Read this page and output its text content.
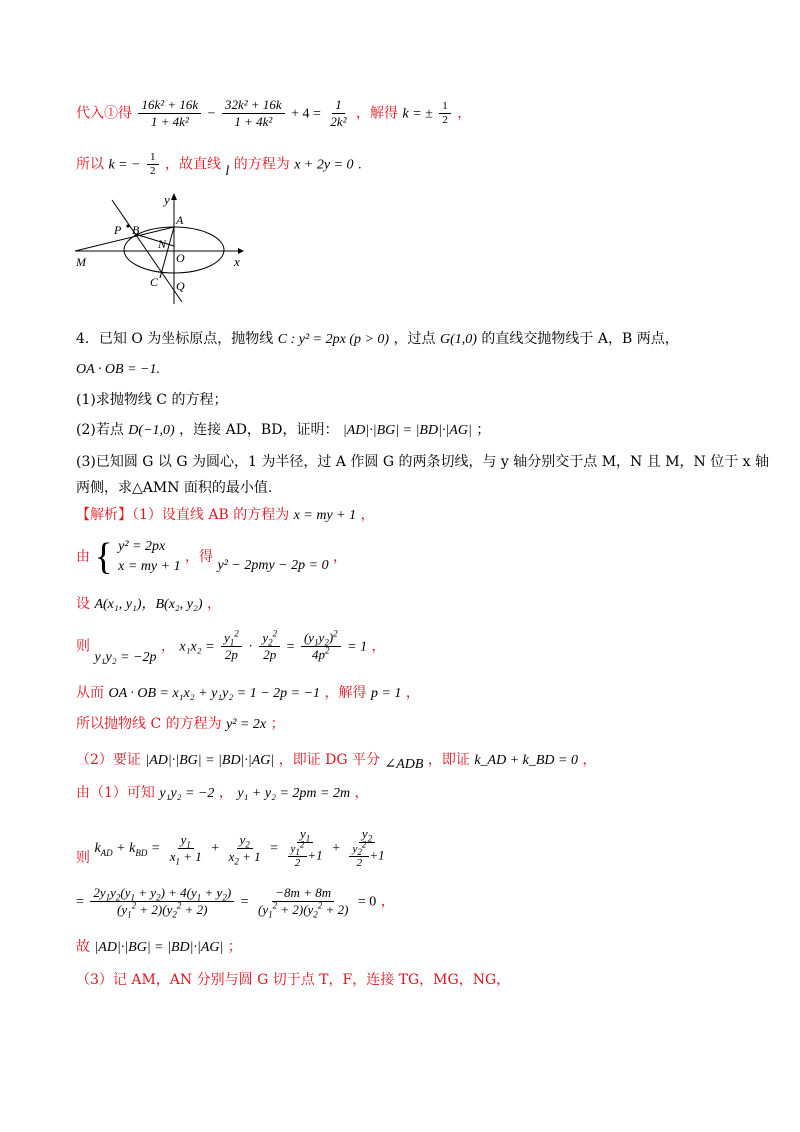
代入①得 $\frac{\text{16k² + 16k}}{\text{1 + 4k²}} - \frac{\text{32k² + 16k}}{\text{1 + 4k²}} + 4 = \frac{1}{\text{2k²}}$ ，解得 k = ± $\frac{1}{2}$ ，
所以 k = − $\frac{1}{2}$ ，故直线 l 的方程为 x + 2y = 0 .
y
x
A
P B
N
O
M
C Q
4．已知 O 为坐标原点，抛物线 C : y² = 2px (p > 0) ，过点 G(1,0) 的直线交抛物线于 A，B 两点，
OA · OB = −1.
(1)求抛物线 C 的方程；
(2)若点 D(−1,0) ，连接 AD，BD，证明： |AD|·|BG| = |BD|·|AG| ；
(3)已知圆 G 以 G 为圆心，1 为半径，过 A 作圆 G 的两条切线，与 y 轴分别交于点 M，N 且 M，N 位于 x 轴
两侧，求△AMN 面积的最小值.
【解析】（1）设直线 AB 的方程为 x = my + 1 ，
由 { y² = 2px
x = my + 1
，得 y² − 2pmy − 2p = 0 ，
设 A(x₁, y₁)，B(x₂, y₂) ，
则 y₁y₂ = −2p ， $x_1x_2 = \frac{y_1^2}{2p} \cdot \frac{y_2^2}{2p} = \frac{(y_1y_2)^2}{4p^2} = 1$ ，
从而 OA · OB = x₁x₂ + y₁y₂ = 1 − 2p = −1 ，解得 p = 1 ，
所以抛物线 C 的方程为 y² = 2x ；
（2）要证 |AD|·|BG| = |BD|·|AG| ，即证 DG 平分 ∠ADB ，即证 k_AD + k_BD = 0 ，
由（1）可知 y₁y₂ = −2 ， y₁ + y₂ = 2pm = 2m ，
则 $k_{AD} + k_{BD} = \frac{y_1}{x_1 + 1} + \frac{y_2}{x_2 + 1} = \frac{y_1}{\frac{y_1^2}{2} +1} + \frac{y_2}{\frac{y_2^2}{2} +1}$
= $\frac{2y_1y_2(y_1 + y_2) + 4(y_1 + y_2)}{(y_1^2 + 2)(y_2^2 + 2)} = \frac{-8m + 8m}{(y_1^2 + 2)(y_2^2 + 2)} = 0$ ，
故 |AD|·|BG| = |BD|·|AG| ；
（3）记 AM，AN 分别与圆 G 切于点 T，F，连接 TG，MG，NG，
